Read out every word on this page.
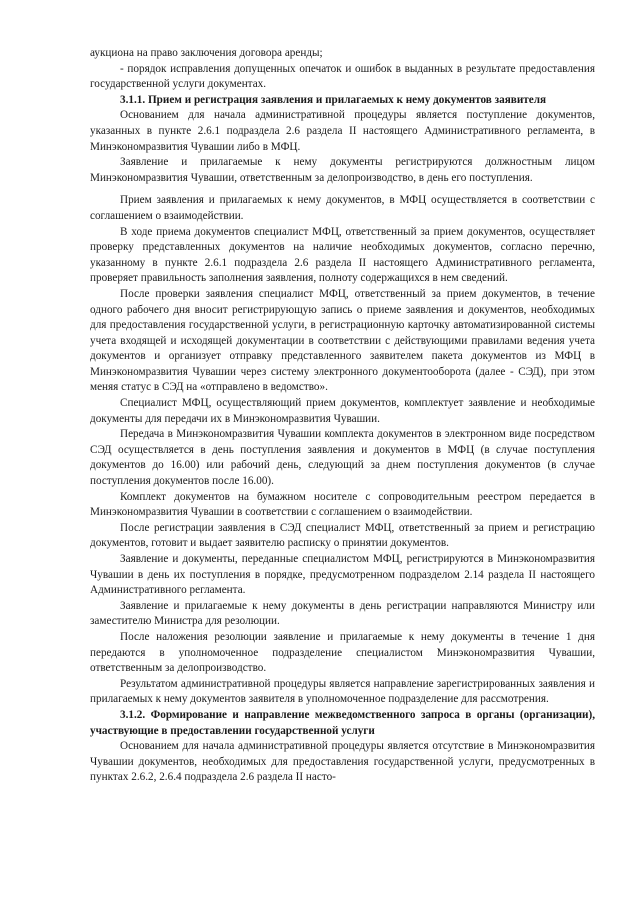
аукциона на право заключения договора аренды;

- порядок исправления допущенных опечаток и ошибок в выданных в результате предоставления государственной услуги документах.

3.1.1. Прием и регистрация заявления и прилагаемых к нему документов заявителя

Основанием для начала административной процедуры является поступление документов, указанных в пункте 2.6.1 подраздела 2.6 раздела II настоящего Административного регламента, в Минэкономразвития Чувашии либо в МФЦ.

Заявление и прилагаемые к нему документы регистрируются должностным лицом Минэкономразвития Чувашии, ответственным за делопроизводство, в день его поступления.

Прием заявления и прилагаемых к нему документов, в МФЦ осуществляется в соответствии с соглашением о взаимодействии.

В ходе приема документов специалист МФЦ, ответственный за прием документов, осуществляет проверку представленных документов на наличие необходимых документов, согласно перечню, указанному в пункте 2.6.1 подраздела 2.6 раздела II настоящего Административного регламента, проверяет правильность заполнения заявления, полноту содержащихся в нем сведений.

После проверки заявления специалист МФЦ, ответственный за прием документов, в течение одного рабочего дня вносит регистрирующую запись о приеме заявления и документов, необходимых для предоставления государственной услуги, в регистрационную карточку автоматизированной системы учета входящей и исходящей документации в соответствии с действующими правилами ведения учета документов и организует отправку представленного заявителем пакета документов из МФЦ в Минэкономразвития Чувашии через систему электронного документооборота (далее - СЭД), при этом меняя статус в СЭД на «отправлено в ведомство».

Специалист МФЦ, осуществляющий прием документов, комплектует заявление и необходимые документы для передачи их в Минэкономразвития Чувашии.

Передача в Минэкономразвития Чувашии комплекта документов в электронном виде посредством СЭД осуществляется в день поступления заявления и документов в МФЦ (в случае поступления документов до 16.00) или рабочий день, следующий за днем поступления документов (в случае поступления документов после 16.00).

Комплект документов на бумажном носителе с сопроводительным реестром передается в Минэкономразвития Чувашии в соответствии с соглашением о взаимодействии.

После регистрации заявления в СЭД специалист МФЦ, ответственный за прием и регистрацию документов, готовит и выдает заявителю расписку о принятии документов.

Заявление и документы, переданные специалистом МФЦ, регистрируются в Минэкономразвития Чувашии в день их поступления в порядке, предусмотренном подразделом 2.14 раздела II настоящего Административного регламента.

Заявление и прилагаемые к нему документы в день регистрации направляются Министру или заместителю Министра для резолюции.

После наложения резолюции заявление и прилагаемые к нему документы в течение 1 дня передаются в уполномоченное подразделение специалистом Минэкономразвития Чувашии, ответственным за делопроизводство.

Результатом административной процедуры является направление зарегистрированных заявления и прилагаемых к нему документов заявителя в уполномоченное подразделение для рассмотрения.

3.1.2. Формирование и направление межведомственного запроса в органы (организации), участвующие в предоставлении государственной услуги

Основанием для начала административной процедуры является отсутствие в Минэкономразвития Чувашии документов, необходимых для предоставления государственной услуги, предусмотренных в пунктах 2.6.2, 2.6.4 подраздела 2.6 раздела II насто-
